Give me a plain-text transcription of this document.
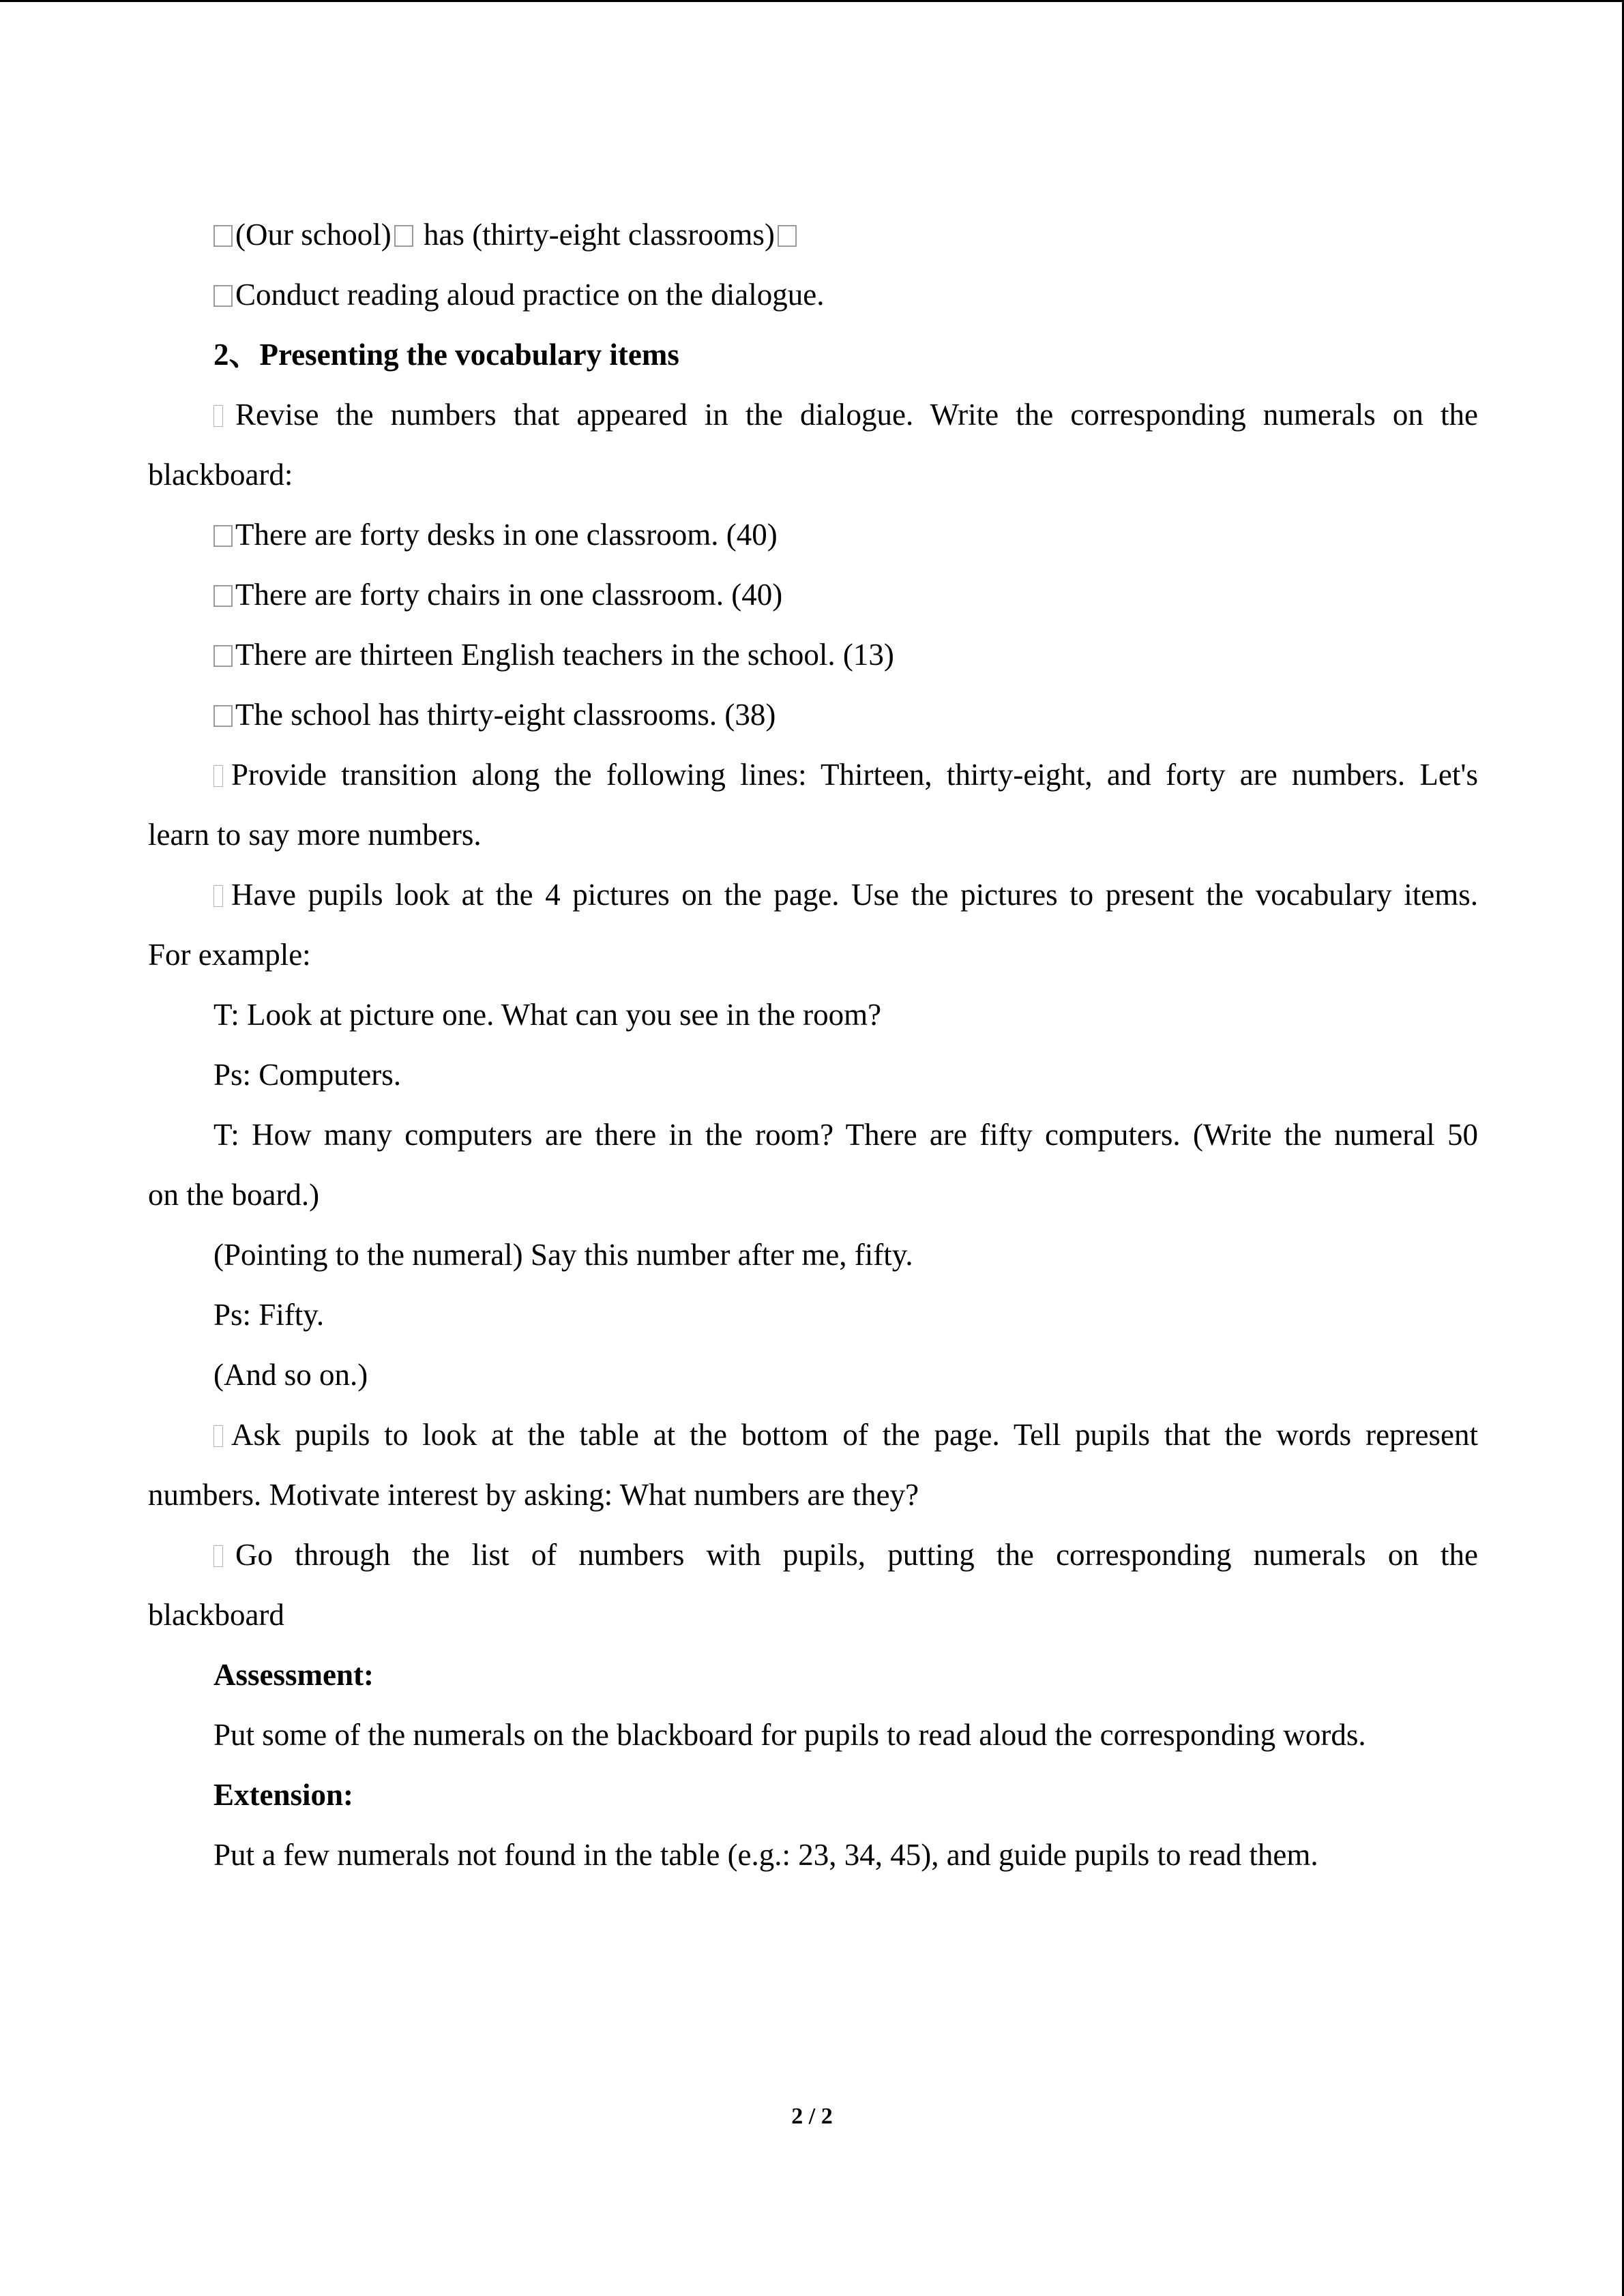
(Our school) has (thirty-eight classrooms)
Conduct reading aloud practice on the dialogue.
2、Presenting the vocabulary items
Revise the numbers that appeared in the dialogue. Write the corresponding numerals on the
blackboard:
There are forty desks in one classroom. (40)
There are forty chairs in one classroom. (40)
There are thirteen English teachers in the school. (13)
The school has thirty-eight classrooms. (38)
Provide transition along the following lines: Thirteen, thirty-eight, and forty are numbers. Let's
learn to say more numbers.
Have pupils look at the 4 pictures on the page. Use the pictures to present the vocabulary items.
For example:
T: Look at picture one. What can you see in the room?
Ps: Computers.
T: How many computers are there in the room? There are fifty computers. (Write the numeral 50
on the board.)
(Pointing to the numeral) Say this number after me, fifty.
Ps: Fifty.
(And so on.)
Ask pupils to look at the table at the bottom of the page. Tell pupils that the words represent
numbers. Motivate interest by asking: What numbers are they?
Go through the list of numbers with pupils, putting the corresponding numerals on the
blackboard
Assessment:
Put some of the numerals on the blackboard for pupils to read aloud the corresponding words.
Extension:
Put a few numerals not found in the table (e.g.: 23, 34, 45), and guide pupils to read them.
2 / 2
